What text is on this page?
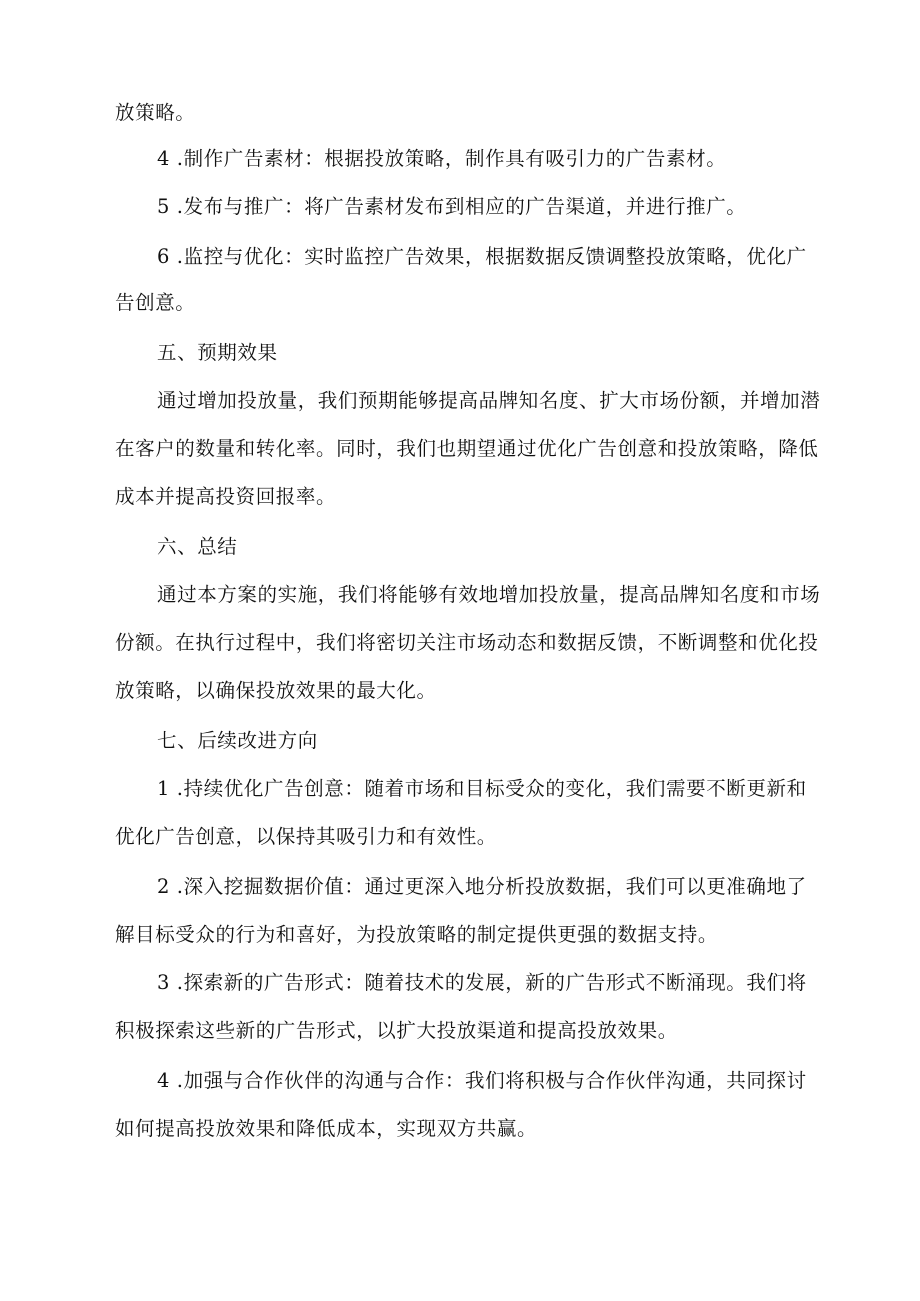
放策略。
4 .制作广告素材：根据投放策略，制作具有吸引力的广告素材。
5 .发布与推广：将广告素材发布到相应的广告渠道，并进行推广。
6 .监控与优化：实时监控广告效果，根据数据反馈调整投放策略，优化广
告创意。
五、预期效果
通过增加投放量，我们预期能够提高品牌知名度、扩大市场份额，并增加潜
在客户的数量和转化率。同时，我们也期望通过优化广告创意和投放策略，降低
成本并提高投资回报率。
六、总结
通过本方案的实施，我们将能够有效地增加投放量，提高品牌知名度和市场
份额。在执行过程中，我们将密切关注市场动态和数据反馈，不断调整和优化投
放策略，以确保投放效果的最大化。
七、后续改进方向
1 .持续优化广告创意：随着市场和目标受众的变化，我们需要不断更新和
优化广告创意，以保持其吸引力和有效性。
2 .深入挖掘数据价值：通过更深入地分析投放数据，我们可以更准确地了
解目标受众的行为和喜好，为投放策略的制定提供更强的数据支持。
3 .探索新的广告形式：随着技术的发展，新的广告形式不断涌现。我们将
积极探索这些新的广告形式，以扩大投放渠道和提高投放效果。
4 .加强与合作伙伴的沟通与合作：我们将积极与合作伙伴沟通，共同探讨
如何提高投放效果和降低成本，实现双方共赢。
